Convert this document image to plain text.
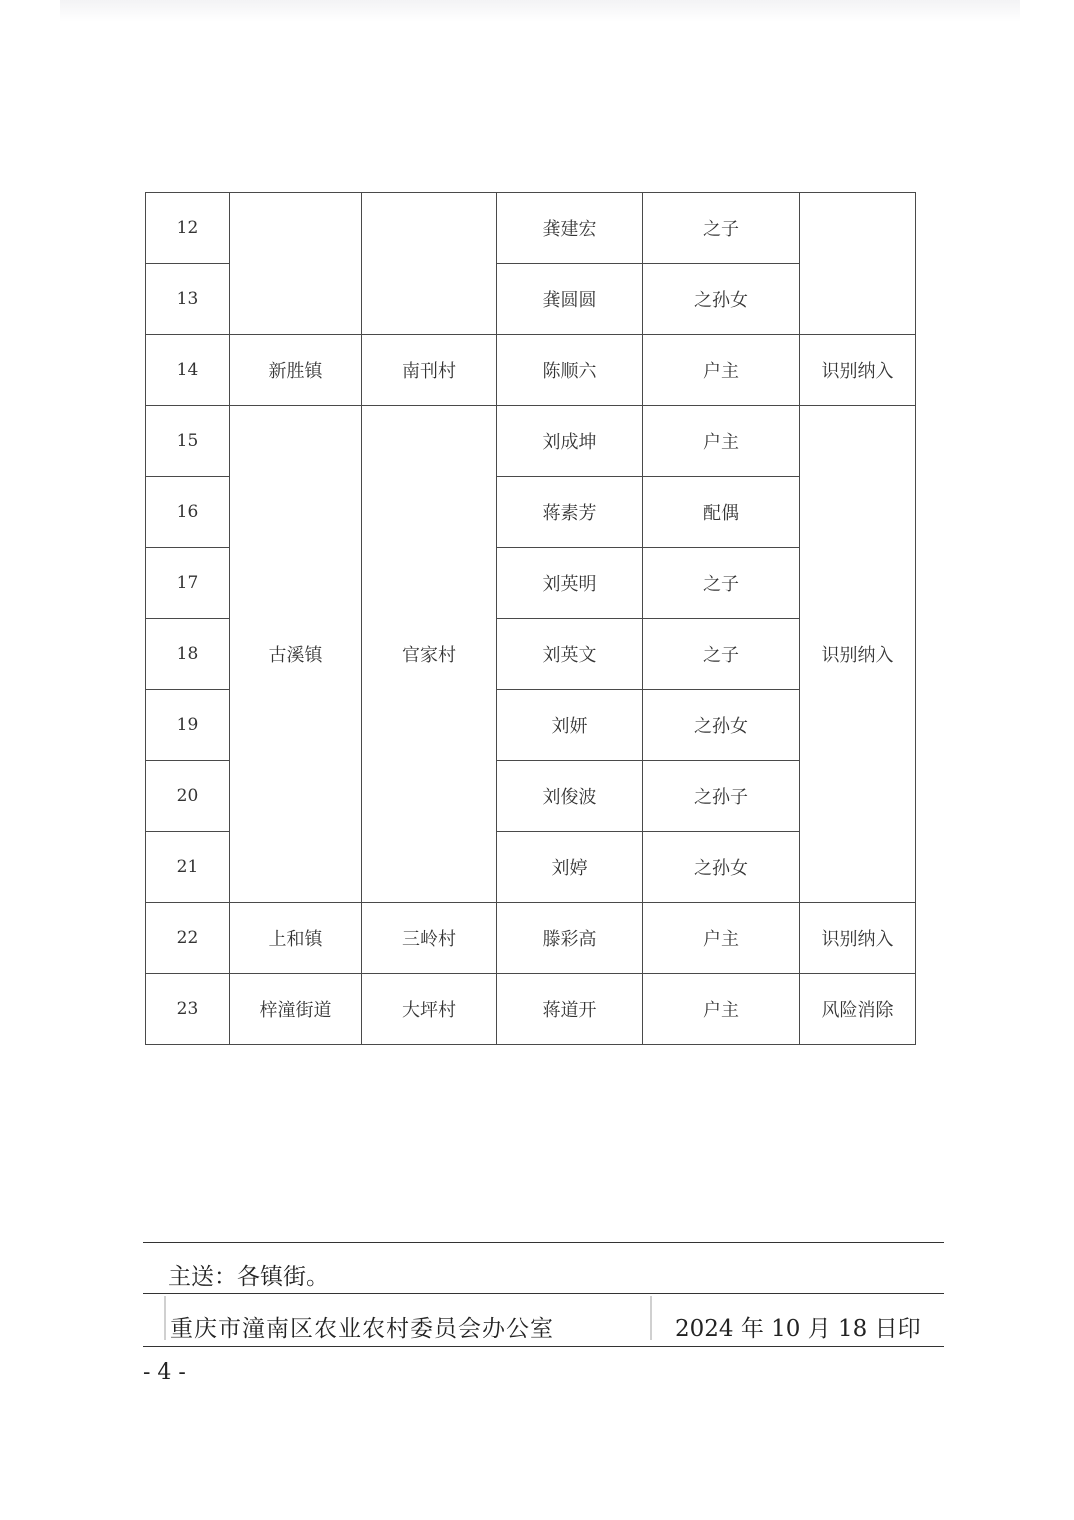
12			龚建宏	之子	
13			龚圆圆	之孙女	
14	新胜镇	南刊村	陈顺六	户主	识别纳入
15	古溪镇	官家村	刘成坤	户主	识别纳入
16			蒋素芳	配偶	
17			刘英明	之子	
18			刘英文	之子	
19			刘妍	之孙女	
20			刘俊波	之孙子	
21			刘婷	之孙女	
22	上和镇	三岭村	滕彩高	户主	识别纳入
23	梓潼街道	大坪村	蒋道开	户主	风险消除
主送：各镇街。
重庆市潼南区农业农村委员会办公室	2024 年 10 月 18 日印
- 4 -
